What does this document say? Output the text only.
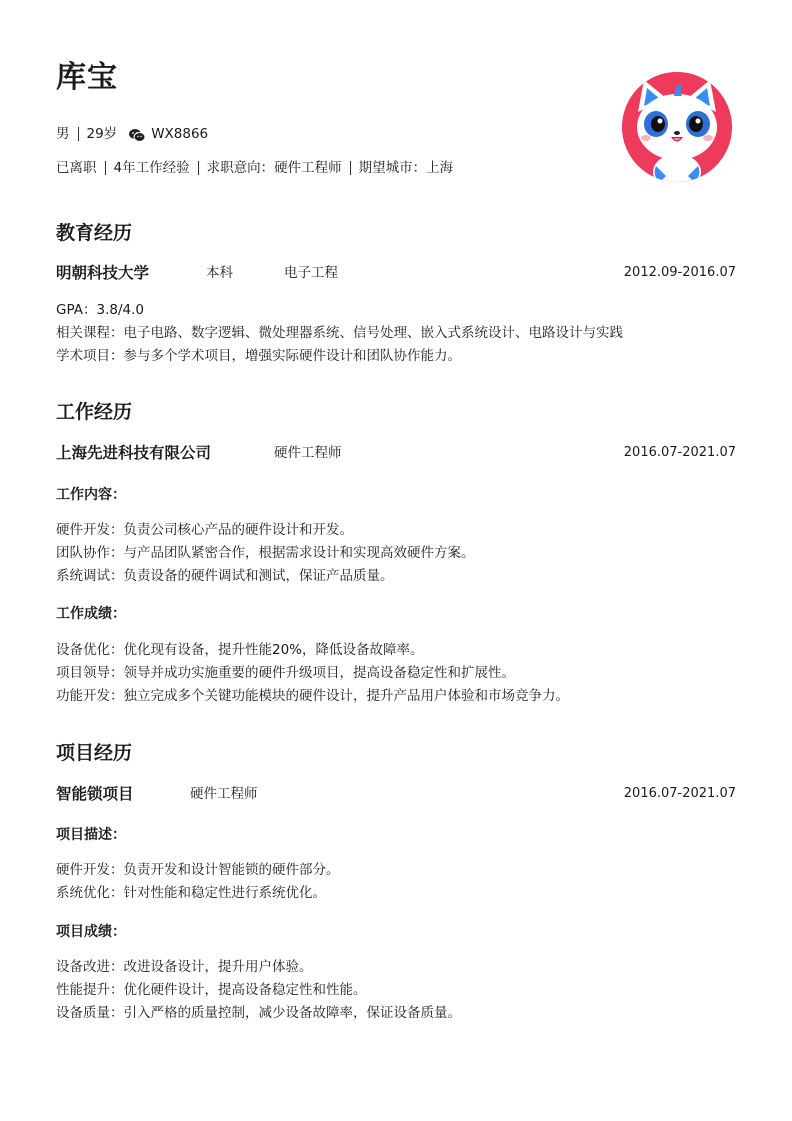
库宝
男 29岁	WX8866
已离职 4年工作经验 求职意向：硬件工程师 期望城市：上海
教育经历
明朝科技大学	本科	电子工程	2012.09-2016.07
GPA：3.8/4.0
相关课程：电子电路、数字逻辑、微处理器系统、信号处理、嵌入式系统设计、电路设计与实践
学术项目：参与多个学术项目，增强实际硬件设计和团队协作能力。
工作经历
上海先进科技有限公司	硬件工程师	2016.07-2021.07
工作内容：
硬件开发：负责公司核心产品的硬件设计和开发。
团队协作：与产品团队紧密合作，根据需求设计和实现高效硬件方案。
系统调试：负责设备的硬件调试和测试，保证产品质量。
工作成绩：
设备优化：优化现有设备，提升性能20%，降低设备故障率。
项目领导：领导并成功实施重要的硬件升级项目，提高设备稳定性和扩展性。
功能开发：独立完成多个关键功能模块的硬件设计，提升产品用户体验和市场竞争力。
项目经历
智能锁项目	硬件工程师	2016.07-2021.07
项目描述：
硬件开发：负责开发和设计智能锁的硬件部分。
系统优化：针对性能和稳定性进行系统优化。
项目成绩：
设备改进：改进设备设计，提升用户体验。
性能提升：优化硬件设计，提高设备稳定性和性能。
设备质量：引入严格的质量控制，减少设备故障率，保证设备质量。
